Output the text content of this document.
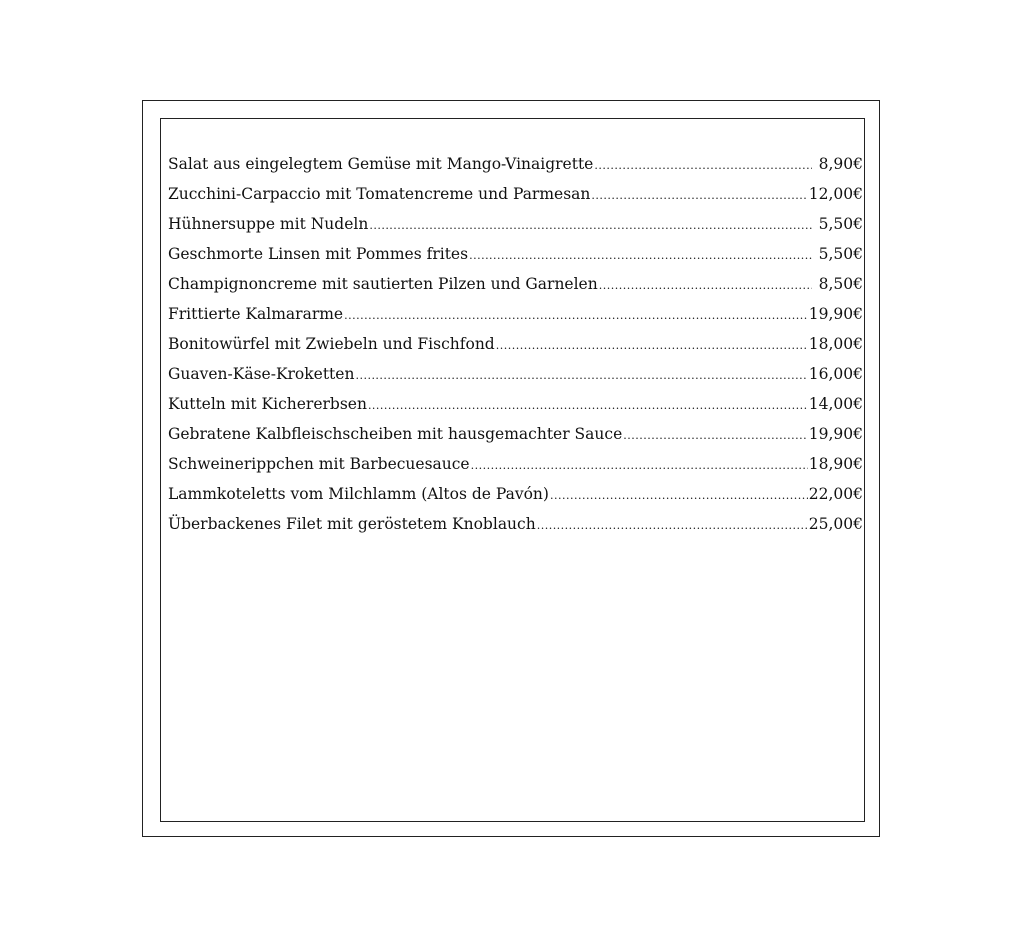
Salat aus eingelegtem Gemüse mit Mango-Vinaigrette .....	8,90€
Zucchini-Carpaccio mit Tomatencreme und Parmesan .....	12,00€
Hühnersuppe mit Nudeln .....	5,50€
Geschmorte Linsen mit Pommes frites .....	5,50€
Champignoncreme mit sautierten Pilzen und Garnelen .....	8,50€
Frittierte Kalmararme .....	19,90€
Bonitowürfel mit Zwiebeln und Fischfond .....	18,00€
Guaven-Käse-Kroketten .....	16,00€
Kutteln mit Kichererbsen .....	14,00€
Gebratene Kalbfleischscheiben mit hausgemachter Sauce .....	19,90€
Schweinerippchen mit Barbecuesauce .....	18,90€
Lammkoteletts vom Milchlamm (Altos de Pavón) .....	22,00€
Überbackenes Filet mit geröstetem Knoblauch .....	25,00€
